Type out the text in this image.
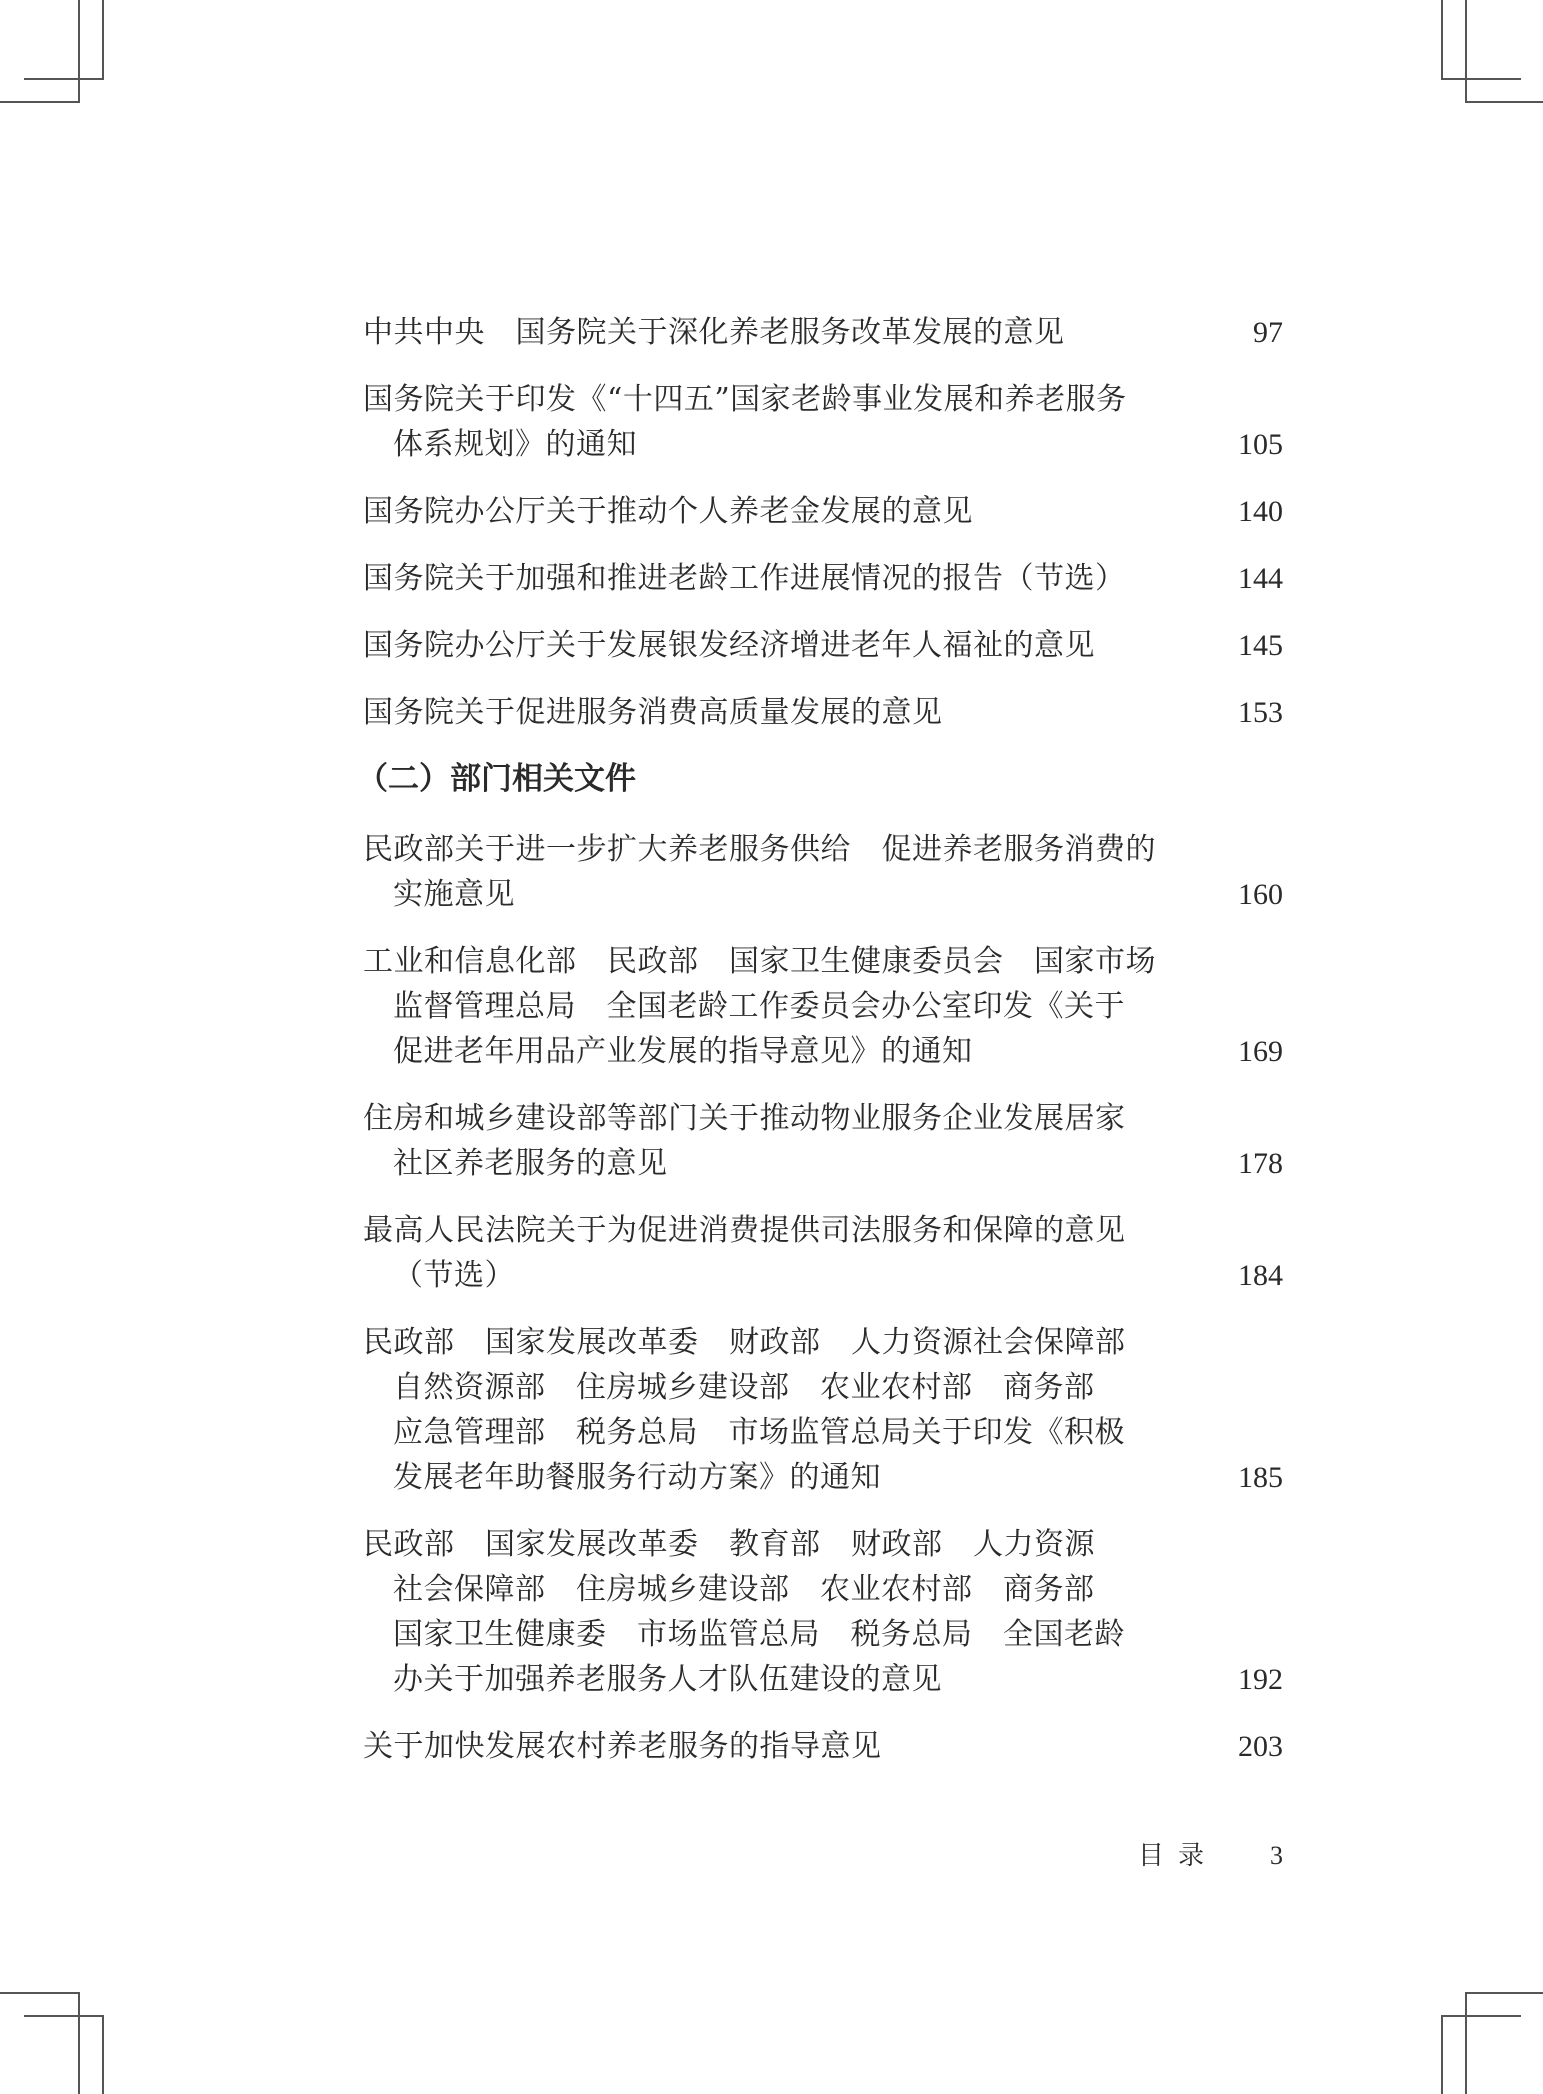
中共中央　国务院关于深化养老服务改革发展的意见	97
国务院关于印发《“十四五”国家老龄事业发展和养老服务
体系规划》的通知	105
国务院办公厅关于推动个人养老金发展的意见	140
国务院关于加强和推进老龄工作进展情况的报告（节选）	144
国务院办公厅关于发展银发经济增进老年人福祉的意见	145
国务院关于促进服务消费高质量发展的意见	153
（二）部门相关文件
民政部关于进一步扩大养老服务供给　促进养老服务消费的
实施意见	160
工业和信息化部　民政部　国家卫生健康委员会　国家市场
监督管理总局　全国老龄工作委员会办公室印发《关于
促进老年用品产业发展的指导意见》的通知	169
住房和城乡建设部等部门关于推动物业服务企业发展居家
社区养老服务的意见	178
最高人民法院关于为促进消费提供司法服务和保障的意见
（节选）	184
民政部　国家发展改革委　财政部　人力资源社会保障部
自然资源部　住房城乡建设部　农业农村部　商务部
应急管理部　税务总局　市场监管总局关于印发《积极
发展老年助餐服务行动方案》的通知	185
民政部　国家发展改革委　教育部　财政部　人力资源
社会保障部　住房城乡建设部　农业农村部　商务部
国家卫生健康委　市场监管总局　税务总局　全国老龄
办关于加强养老服务人才队伍建设的意见	192
关于加快发展农村养老服务的指导意见	203
目录 3
